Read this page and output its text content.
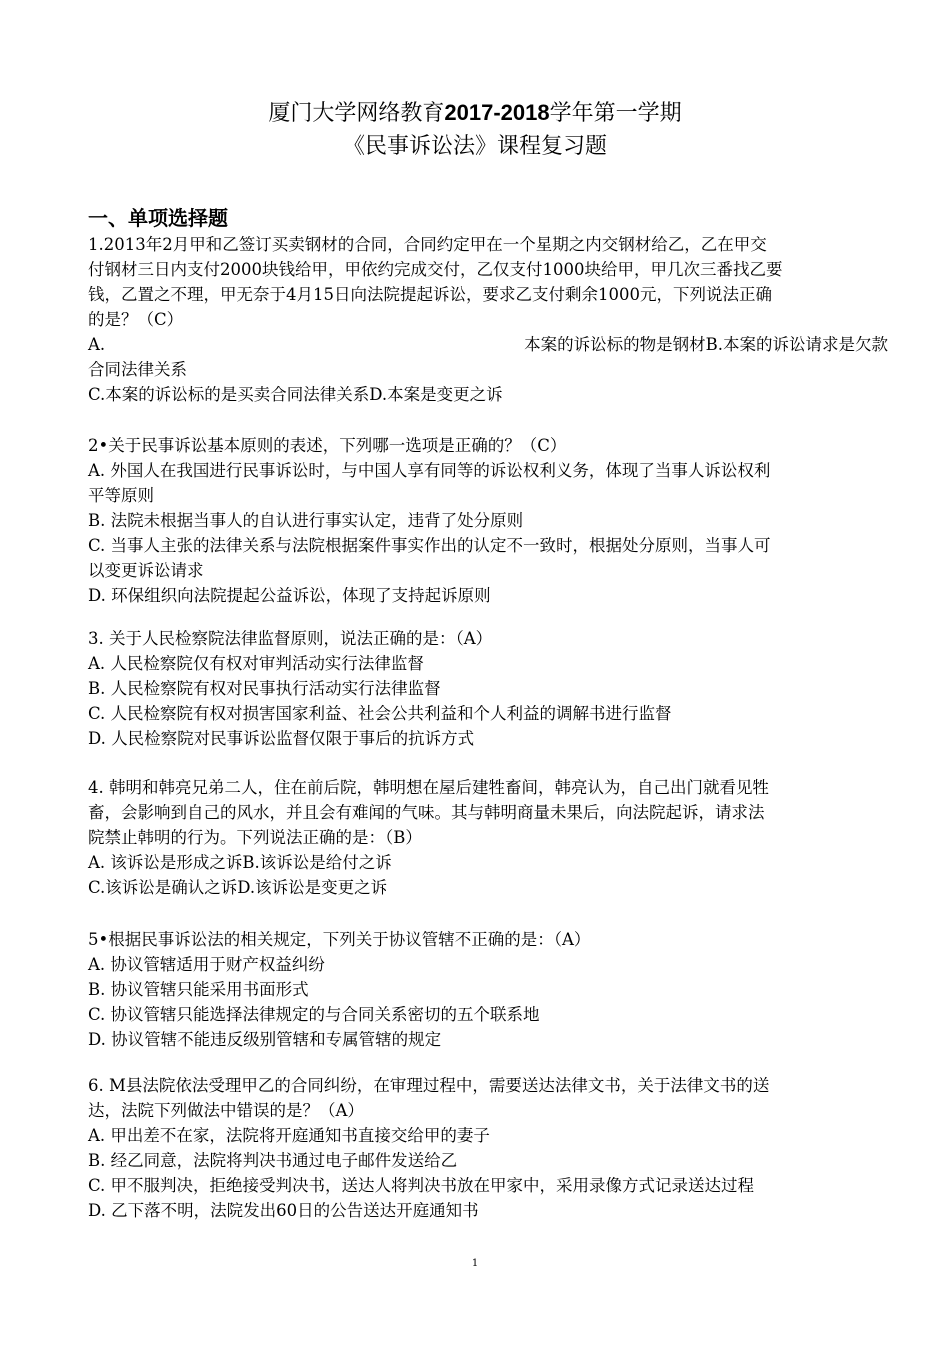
厦门大学网络教育2017-2018学年第一学期
《民事诉讼法》课程复习题
一、单项选择题
1.2013年2月甲和乙签订买卖钢材的合同，合同约定甲在一个星期之内交钢材给乙，乙在甲交
付钢材三日内支付2000块钱给甲，甲依约完成交付，乙仅支付1000块给甲，甲几次三番找乙要
钱，乙置之不理，甲无奈于4月15日向法院提起诉讼，要求乙支付剩余1000元，下列说法正确
的是？（C）
A.	本案的诉讼标的物是钢材B.本案的诉讼请求是欠款
合同法律关系
C.本案的诉讼标的是买卖合同法律关系D.本案是变更之诉
2•关于民事诉讼基本原则的表述，下列哪一选项是正确的？（C）
A. 外国人在我国进行民事诉讼时，与中国人享有同等的诉讼权利义务，体现了当事人诉讼权利
平等原则
B. 法院未根据当事人的自认进行事实认定，违背了处分原则
C. 当事人主张的法律关系与法院根据案件事实作出的认定不一致时，根据处分原则，当事人可
以变更诉讼请求
D. 环保组织向法院提起公益诉讼，体现了支持起诉原则
3. 关于人民检察院法律监督原则，说法正确的是：（A）
A. 人民检察院仅有权对审判活动实行法律监督
B. 人民检察院有权对民事执行活动实行法律监督
C. 人民检察院有权对损害国家利益、社会公共利益和个人利益的调解书进行监督
D. 人民检察院对民事诉讼监督仅限于事后的抗诉方式
4. 韩明和韩亮兄弟二人，住在前后院，韩明想在屋后建牲畜间，韩亮认为，自己出门就看见牲
畜，会影响到自己的风水，并且会有难闻的气味。其与韩明商量未果后，向法院起诉，请求法
院禁止韩明的行为。下列说法正确的是：（B）
A. 该诉讼是形成之诉B.该诉讼是给付之诉
C.该诉讼是确认之诉D.该诉讼是变更之诉
5•根据民事诉讼法的相关规定，下列关于协议管辖不正确的是：（A）
A. 协议管辖适用于财产权益纠纷
B. 协议管辖只能采用书面形式
C. 协议管辖只能选择法律规定的与合同关系密切的五个联系地
D. 协议管辖不能违反级别管辖和专属管辖的规定
6. M县法院依法受理甲乙的合同纠纷，在审理过程中，需要送达法律文书，关于法律文书的送
达，法院下列做法中错误的是？（A）
A. 甲出差不在家，法院将开庭通知书直接交给甲的妻子
B. 经乙同意，法院将判决书通过电子邮件发送给乙
C. 甲不服判决，拒绝接受判决书，送达人将判决书放在甲家中，采用录像方式记录送达过程
D. 乙下落不明，法院发出60日的公告送达开庭通知书
1
